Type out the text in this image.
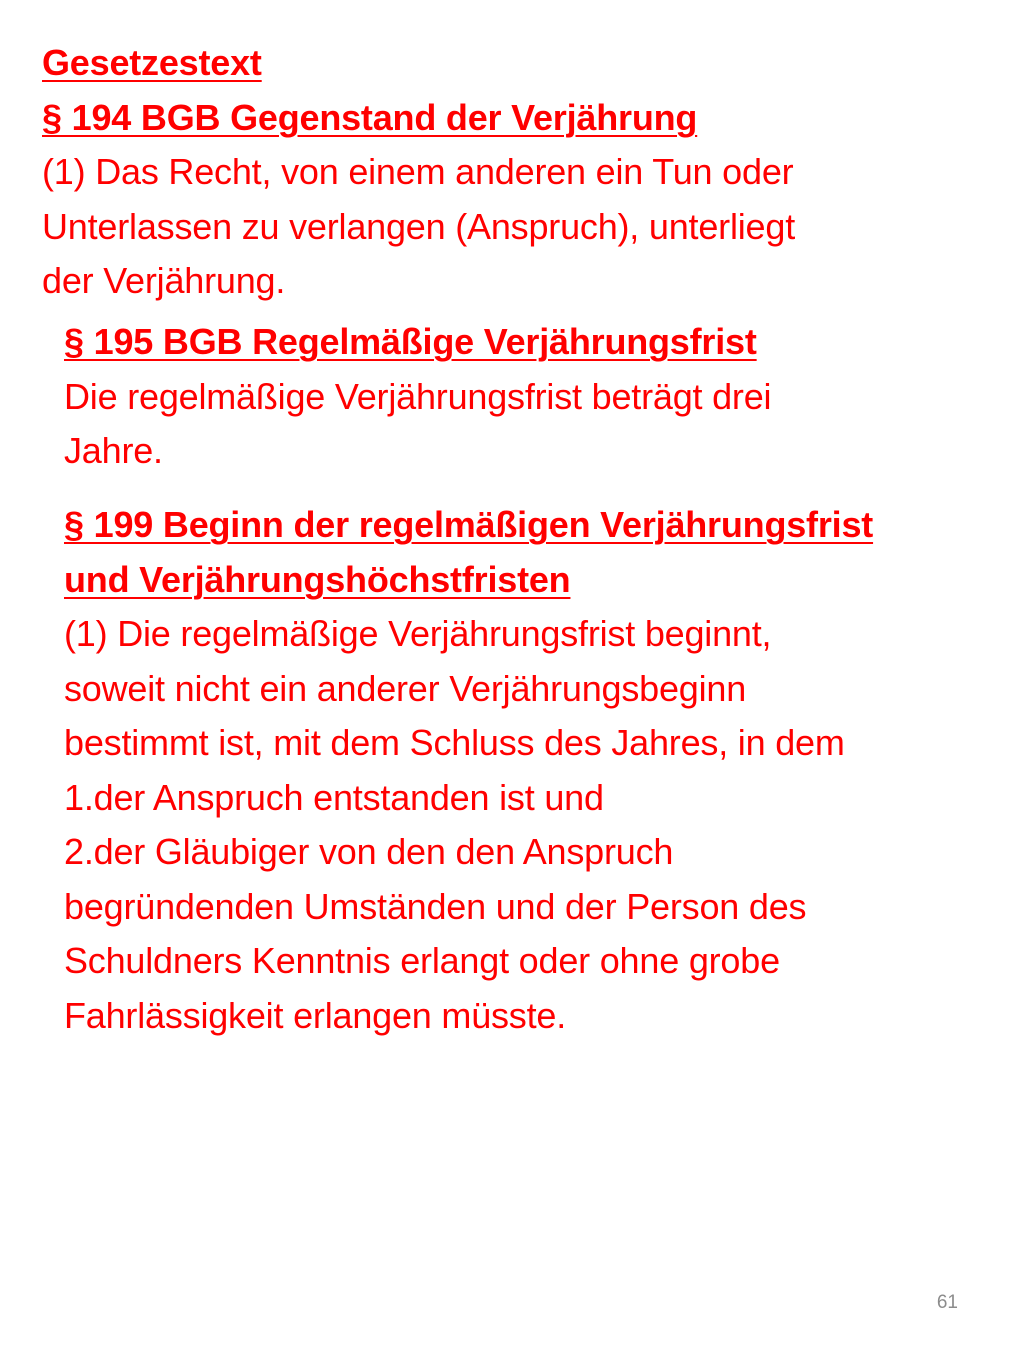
Gesetzestext
§ 194 BGB Gegenstand der Verjährung
(1) Das Recht, von einem anderen ein Tun oder
Unterlassen zu verlangen (Anspruch), unterliegt
der Verjährung.
§ 195 BGB Regelmäßige Verjährungsfrist
Die regelmäßige Verjährungsfrist beträgt drei
Jahre.
§ 199 Beginn der regelmäßigen Verjährungsfrist
und Verjährungshöchstfristen
(1) Die regelmäßige Verjährungsfrist beginnt,
soweit nicht ein anderer Verjährungsbeginn
bestimmt ist, mit dem Schluss des Jahres, in dem
1.der Anspruch entstanden ist und
2.der Gläubiger von den den Anspruch
begründenden Umständen und der Person des
Schuldners Kenntnis erlangt oder ohne grobe
Fahrlässigkeit erlangen müsste.
61
